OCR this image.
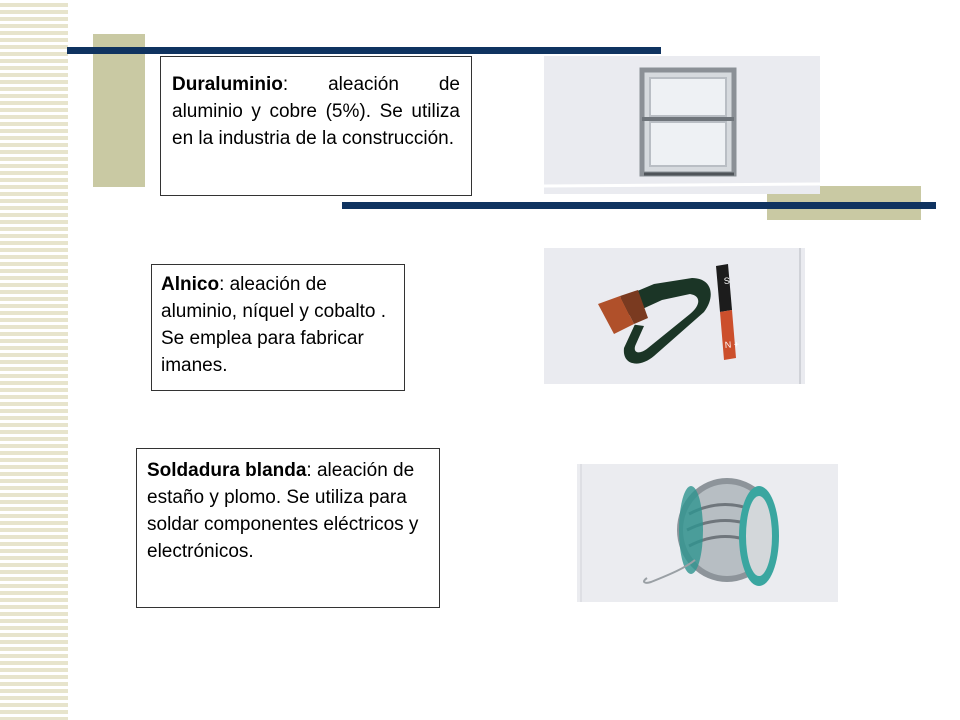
Duraluminio: aleación de aluminio y cobre (5%). Se utiliza en la industria de la construcción.
Alnico: aleación de aluminio, níquel y cobalto . Se emplea para fabricar imanes.
Soldadura blanda: aleación de estaño y plomo. Se utiliza para soldar componentes eléctricos y electrónicos.
S
N +
